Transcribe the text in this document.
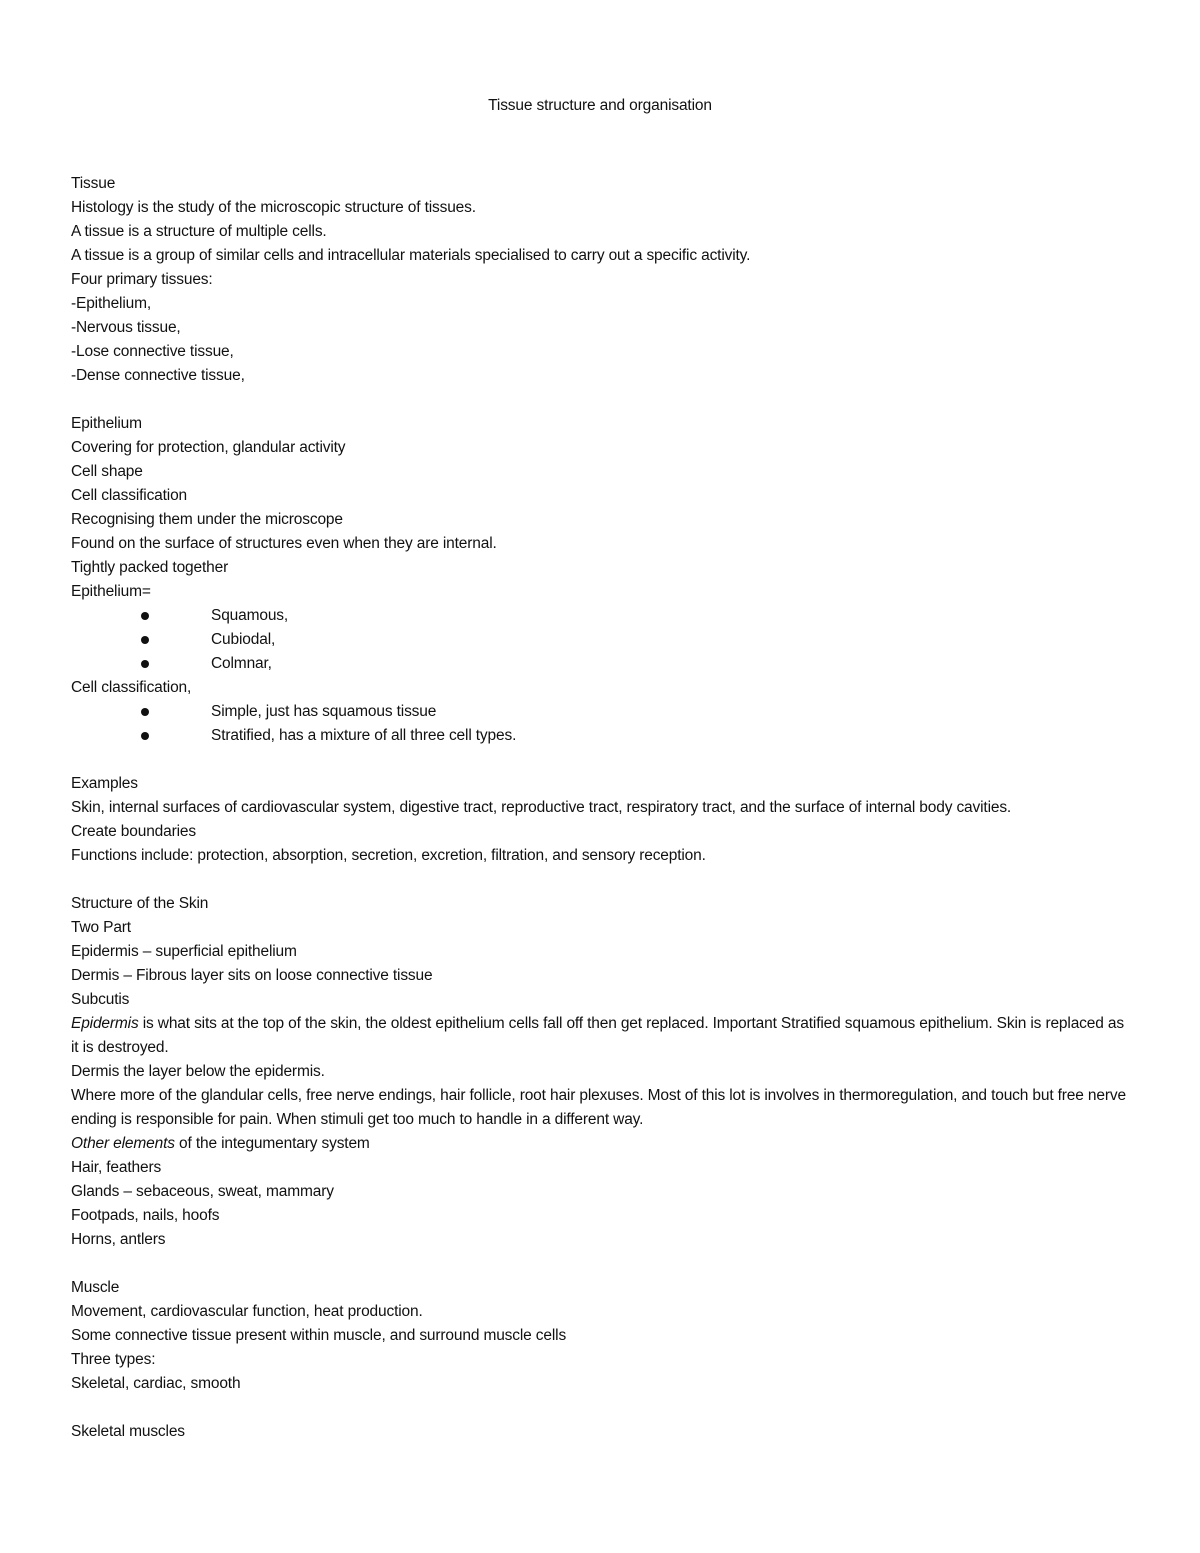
Tissue structure and organisation
Tissue
Histology is the study of the microscopic structure of tissues.
A tissue is a structure of multiple cells.
A tissue is a group of similar cells and intracellular materials specialised to carry out a specific activity.
Four primary tissues:
-Epithelium,
-Nervous tissue,
-Lose connective tissue,
-Dense connective tissue,
Epithelium
Covering for protection, glandular activity
Cell shape
Cell classification
Recognising them under the microscope
Found on the surface of structures even when they are internal.
Tightly packed together
Epithelium=
Squamous,
Cubiodal,
Colmnar,
Cell classification,
Simple, just has squamous tissue
Stratified, has a mixture of all three cell types.
Examples
Skin, internal surfaces of cardiovascular system, digestive tract, reproductive tract, respiratory tract, and the surface of internal body cavities.
Create boundaries
Functions include: protection, absorption, secretion, excretion, filtration, and sensory reception.
Structure of the Skin
Two Part
Epidermis – superficial epithelium
Dermis – Fibrous layer sits on loose connective tissue
Subcutis
Epidermis is what sits at the top of the skin, the oldest epithelium cells fall off then get replaced. Important Stratified squamous epithelium. Skin is replaced as it is destroyed.
Dermis the layer below the epidermis.
Where more of the glandular cells, free nerve endings, hair follicle, root hair plexuses. Most of this lot is involves in thermoregulation, and touch but free nerve ending is responsible for pain. When stimuli get too much to handle in a different way.
Other elements of the integumentary system
Hair, feathers
Glands – sebaceous, sweat, mammary
Footpads, nails, hoofs
Horns, antlers
Muscle
Movement, cardiovascular function, heat production.
Some connective tissue present within muscle, and surround muscle cells
Three types:
Skeletal, cardiac, smooth
Skeletal muscles
